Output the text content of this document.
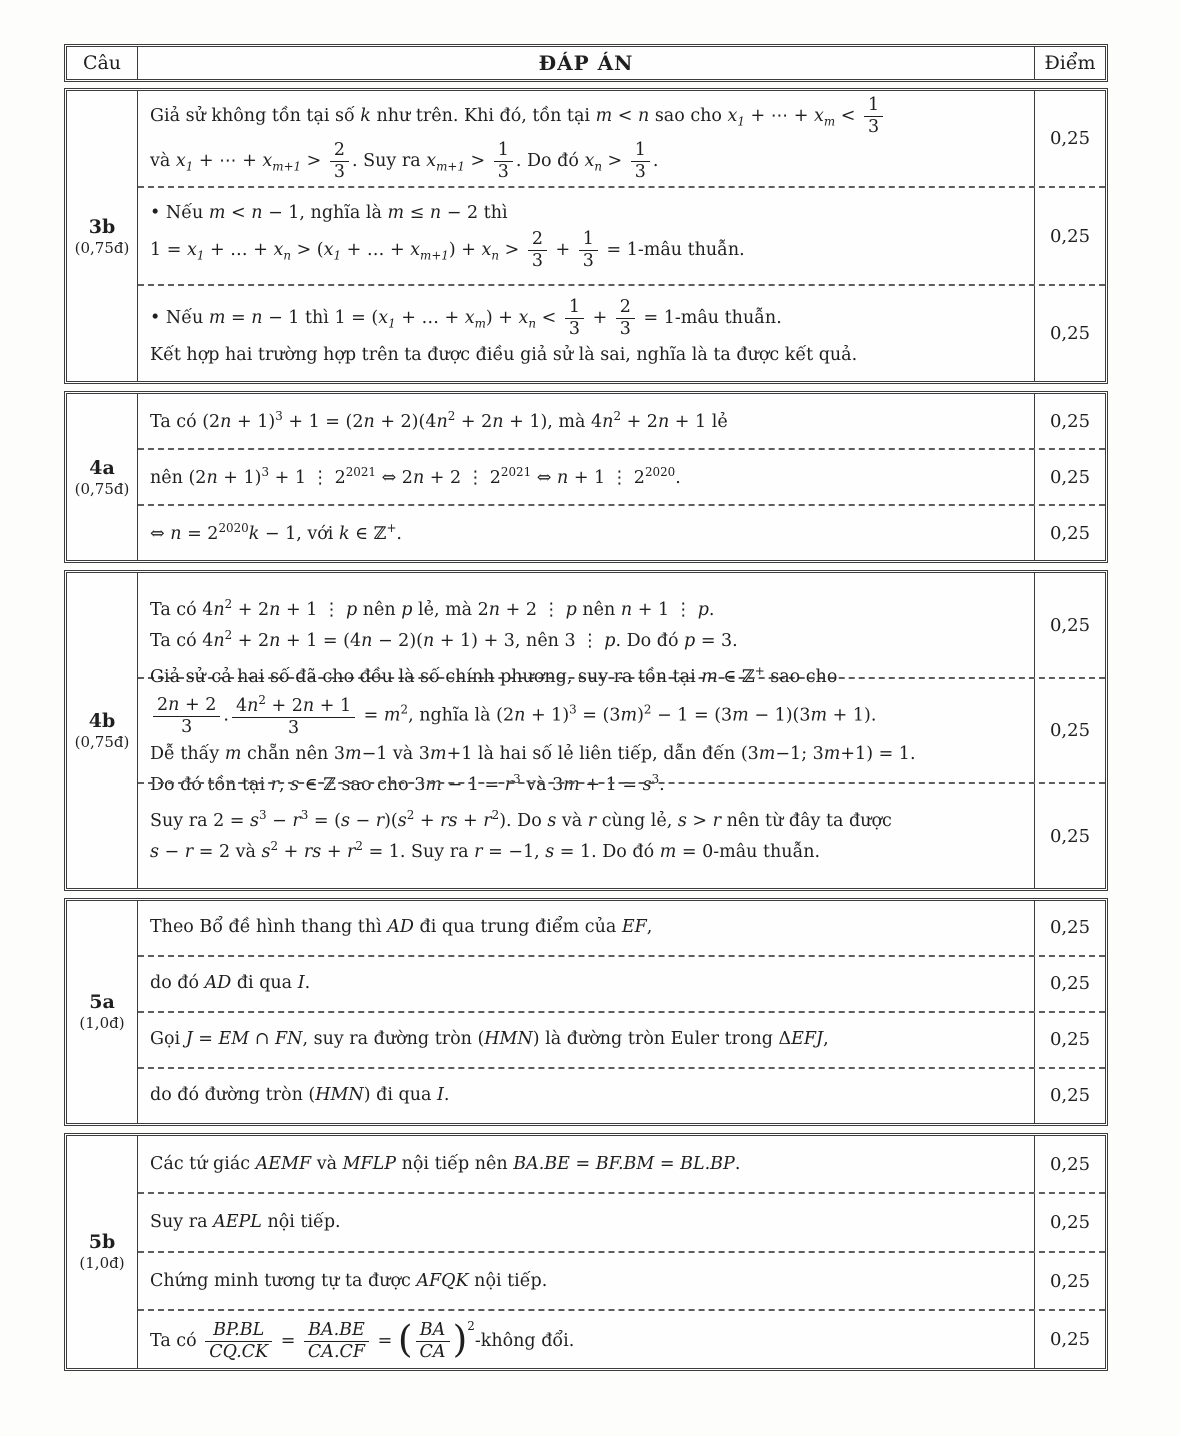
Câu	ĐÁP ÁN	Điểm
3b
(0,75đ)
Giả sử không tồn tại số k như trên. Khi đó, tồn tại m < n sao cho $x_1$ + ⋯ + $x_m < \frac{1}{3}$
và $x_1$ + ⋯ + $x_{m+1} > \frac{2}{3}$ . Suy ra $x_{m+1} > \frac{1}{3}$ . Do đó $x_n > \frac{1}{3}$ .
0,25
• Nếu m < n − 1, nghĩa là m ≤ n − 2 thì
$1 = x_1$ + … + $x_n > (x_1$ + … + $x_{m+1}) + x_n > \frac{2}{3} + \frac{1}{3}$ = 1-mâu thuẫn.
0,25
• Nếu m = n − 1 thì $1 = (x_1$ + … + $x_m) + x_n < \frac{1}{3} + \frac{2}{3}$ = 1-mâu thuẫn.
Kết hợp hai trường hợp trên ta được điều giả sử là sai, nghĩa là ta được kết quả.
0,25
4a
(0,75đ)
Ta có $(2n + 1)^3 + 1 = (2n + 2)(4n^2 + 2n + 1)$, mà $4n^2 + 2n + 1$ lẻ	0,25
nên $(2n + 1)^3 + 1$ ⋮ $2^{2021}$ ⇔ 2n + 2 ⋮ $2^{2021}$ ⇔ n + 1 ⋮ $2^{2020}$.	0,25
⇔ $n = 2^{2020}k - 1$, với k ∈ ℤ+.	0,25
4b
(0,75đ)
Ta có $4n^2 + 2n + 1$ ⋮ p nên p lẻ, mà 2n + 2 ⋮ p nên n + 1 ⋮ p.
Ta có $4n^2 + 2n + 1 = (4n - 2)(n + 1) + 3$, nên 3 ⋮ p. Do đó p = 3.
0,25
Giả sử cả hai số đã cho đều là số chính phương, suy ra tồn tại m ∈ ℤ+ sao cho
$\frac{2n + 2}{3}$ . $\frac{4n^2 + 2n + 1}{3} = m^2$, nghĩa là $(2n + 1)^3 = (3m)^2 - 1 = (3m - 1)(3m + 1)$.
Dễ thấy m chẵn nên 3m−1 và 3m+1 là hai số lẻ liên tiếp, dẫn đến (3m−1; 3m+1) = 1.
Do đó tồn tại r, s ∈ ℤ sao cho $3m - 1 = r^3$ và $3m + 1 = s^3$.
0,25
Suy ra $2 = s^3 - r^3 = (s - r)(s^2$ + rs + $r^2$). Do s và r cùng lẻ, s > r nên từ đây ta được
s − r = 2 và $s^2$ + rs + $r^2 = 1$. Suy ra r = −1, s = 1. Do đó m = 0-mâu thuẫn.
0,25
5a
(1,0đ)
Theo Bổ đề hình thang thì AD đi qua trung điểm của EF,	0,25
do đó AD đi qua I.	0,25
Gọi J = EM ∩ FN, suy ra đường tròn (HMN) là đường tròn Euler trong ΔEFJ,	0,25
do đó đường tròn (HMN) đi qua I.	0,25
5b
(1,0đ)
Các tứ giác AEMF và MFLP nội tiếp nên BA.BE = BF.BM = BL.BP.	0,25
Suy ra AEPL nội tiếp.	0,25
Chứng minh tương tự ta được AFQK nội tiếp.	0,25
Ta có $\frac{BP.BL}{CQ.CK} = \frac{BA.BE}{CA.CF}$ = ( $\frac{BA}{CA}$ )$^2$-không đổi.	0,25
